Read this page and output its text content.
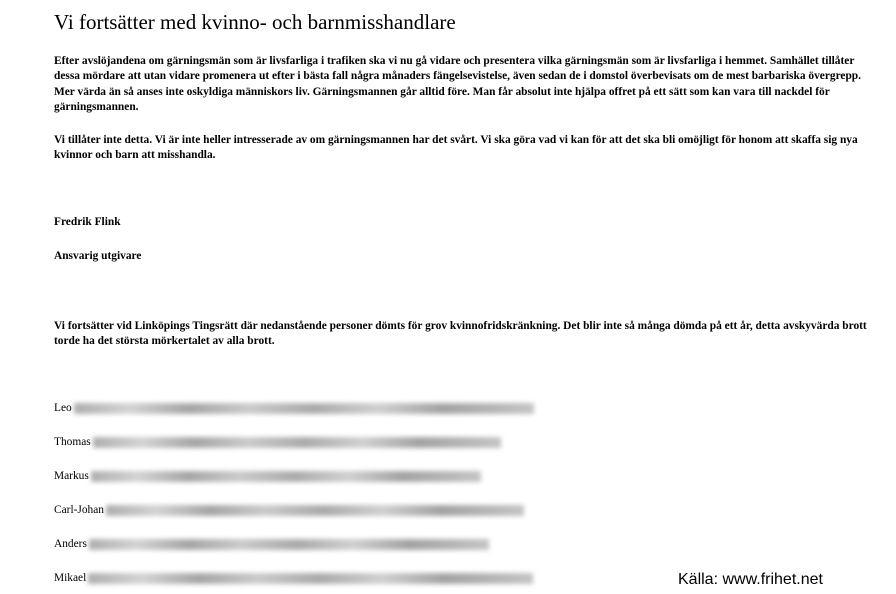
Vi fortsätter med kvinno- och barnmisshandlare

Efter avslöjandena om gärningsmän som är livsfarliga i trafiken ska vi nu gå vidare och presentera vilka gärningsmän som är livsfarliga i hemmet. Samhället tillåter dessa mördare att utan vidare promenera ut efter i bästa fall några månaders fängelsevistelse, även sedan de i domstol överbevisats om de mest barbariska övergrepp. Mer värda än så anses inte oskyldiga människors liv. Gärningsmannen går alltid före. Man får absolut inte hjälpa offret på ett sätt som kan vara till nackdel för gärningsmannen.

Vi tillåter inte detta. Vi är inte heller intresserade av om gärningsmannen har det svårt. Vi ska göra vad vi kan för att det ska bli omöjligt för honom att skaffa sig nya kvinnor och barn att misshandla.

Fredrik Flink

Ansvarig utgivare

Vi fortsätter vid Linköpings Tingsrätt där nedanstående personer dömts för grov kvinnofridskränkning. Det blir inte så många dömda på ett år, detta avskyvärda brott torde ha det största mörkertalet av alla brott.

Leo
Thomas
Markus
Carl-Johan
Anders
Mikael	Källa: www.frihet.net
